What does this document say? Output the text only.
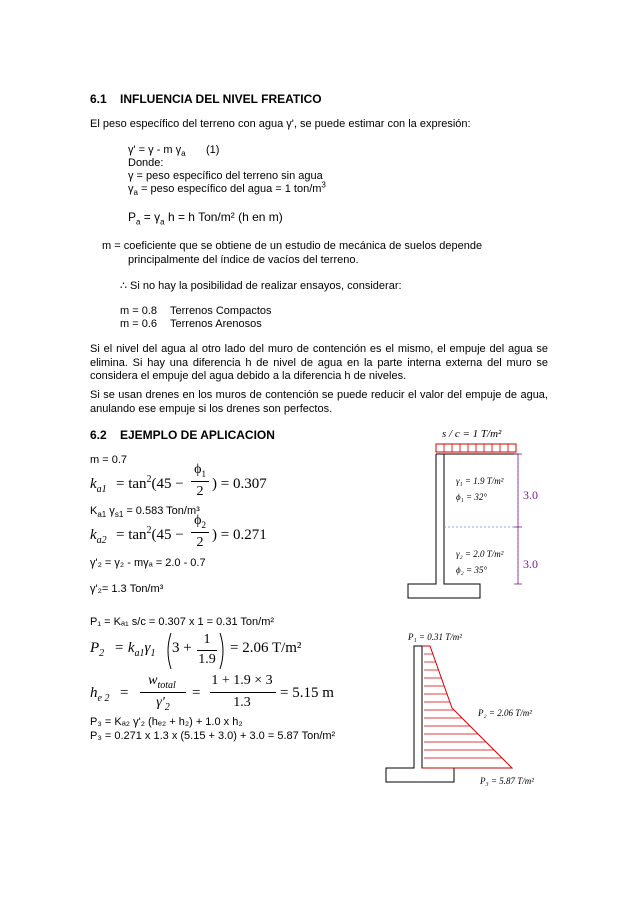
6.1 INFLUENCIA DEL NIVEL FREATICO
El peso específico del terreno con agua γ', se puede estimar con la expresión:
γ' = γ - m $\gamma_a$ (1)
Donde:
γ = peso específico del terreno sin agua
$\gamma_a$ = peso específico del agua = 1 ton/$m^3$
$P_a = \gamma_a$ h = h Ton/m² (h en m)
m = coeficiente que se obtiene de un estudio de mecánica de suelos depende
principalmente del índice de vacíos del terreno.
∴ Si no hay la posibilidad de realizar ensayos, considerar:
m = 0.8 Terrenos Compactos
m = 0.6 Terrenos Arenosos
Si el nivel del agua al otro lado del muro de contención es el mismo, el empuje del agua se elimina. Si hay una diferencia h de nivel de agua en la parte interna externa del muro se considera el empuje del agua debido a la diferencia h de niveles.
Si se usan drenes en los muros de contención se puede reducir el valor del empuje de agua, anulando ese empuje si los drenes son perfectos.
6.2 EJEMPLO DE APLICACION
m = 0.7
$k_{a1} = \tan^2(45$ −
$\phi_1$
2 ) = 0.307
$K_{a1}$ $\gamma_{s1} = 0.583$ Ton/m³
$k_{a2} = \tan^2(45$ −
$\phi_2$
2 ) = 0.271
γ'₂ = γ₂ - mγₐ = 2.0 - 0.7
γ'₂= 1.3 Ton/m³
P₁ = Kₐ₁ s/c = 0.307 x 1 = 0.31 Ton/m²
$P_2 = k_{a1}\gamma_1$ 3 +
1
1.9
= 2.06 T/m²
$h_{e 2}$ =
$w_{total}$
$\gamma'_2$
=
1 + 1.9 × 3
1.3
= 5.15 m
P₃ = Kₐ₂ γ'₂ (hₑ₂ + h₂) + 1.0 x h₂
P₃ = 0.271 x 1.3 x (5.15 + 3.0) + 3.0 = 5.87 Ton/m²
s / c = 1 T/m²
γ₁ = 1.9 T/m²
ϕ₁ = 32°	3.0
γ₂ = 2.0 T/m²
ϕ₂ = 35°	3.0
P₁ = 0.31 T/m²
P₂ = 2.06 T/m²
P₃ = 5.87 T/m²
